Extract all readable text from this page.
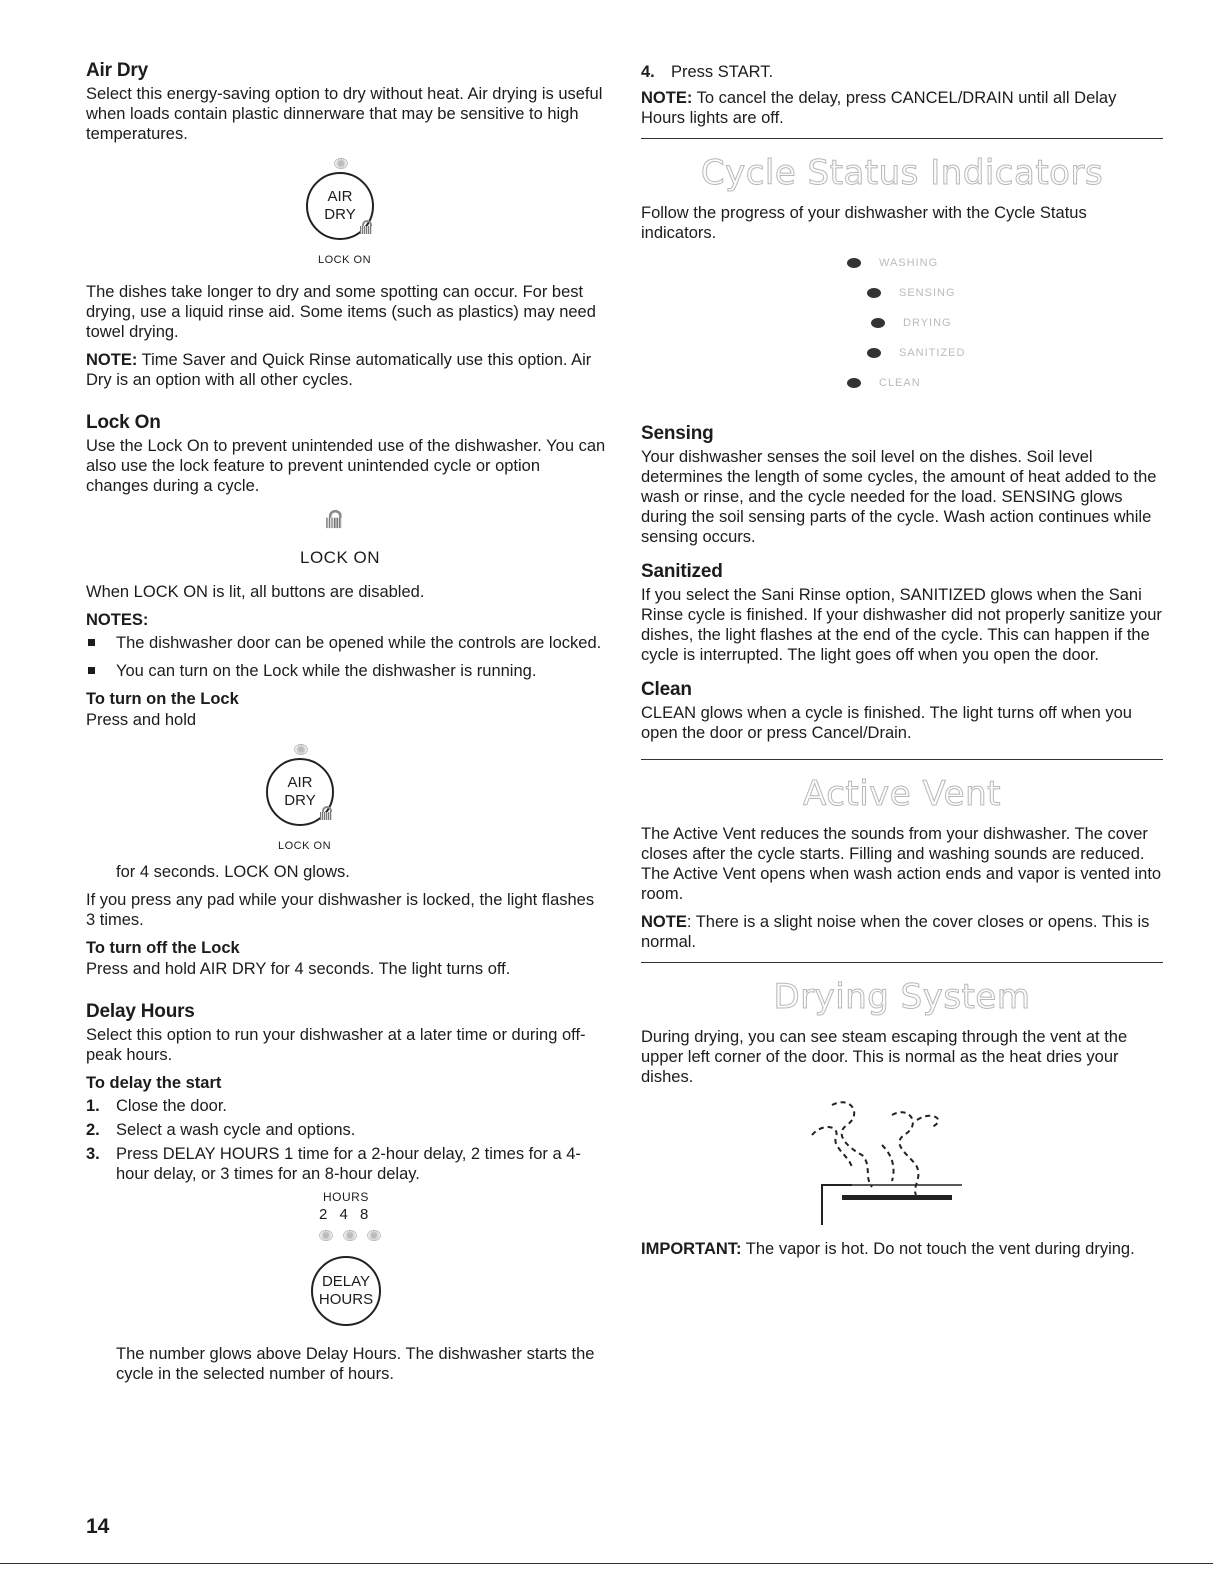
Air Dry

Select this energy-saving option to dry without heat. Air drying is useful when loads contain plastic dinnerware that may be sensitive to high temperatures.

AIR
DRY
LOCK ON

The dishes take longer to dry and some spotting can occur. For best drying, use a liquid rinse aid. Some items (such as plastics) may need towel drying.

NOTE: Time Saver and Quick Rinse automatically use this option. Air Dry is an option with all other cycles.

Lock On

Use the Lock On to prevent unintended use of the dishwasher. You can also use the lock feature to prevent unintended cycle or option changes during a cycle.

LOCK ON

When LOCK ON is lit, all buttons are disabled.

NOTES:
The dishwasher door can be opened while the controls are locked.
You can turn on the Lock while the dishwasher is running.
To turn on the Lock

Press and hold

AIR
DRY
LOCK ON

for 4 seconds. LOCK ON glows.

If you press any pad while your dishwasher is locked, the light flashes 3 times.

To turn off the Lock

Press and hold AIR DRY for 4 seconds. The light turns off.

Delay Hours

Select this option to run your dishwasher at a later time or during off-peak hours.

To delay the start
1. Close the door.
2. Select a wash cycle and options.
3. Press DELAY HOURS 1 time for a 2-hour delay, 2 times for a 4-hour delay, or 3 times for an 8-hour delay.
HOURS
2 4 8
DELAY
HOURS

The number glows above Delay Hours. The dishwasher starts the cycle in the selected number of hours.

4. Press START.

NOTE: To cancel the delay, press CANCEL/DRAIN until all Delay Hours lights are off.

Cycle Status Indicators

Follow the progress of your dishwasher with the Cycle Status indicators.

WASHING
SENSING
DRYING
SANITIZED
CLEAN
Sensing

Your dishwasher senses the soil level on the dishes. Soil level determines the length of some cycles, the amount of heat added to the wash or rinse, and the cycle needed for the load. SENSING glows during the soil sensing parts of the cycle. Wash action continues while sensing occurs.

Sanitized

If you select the Sani Rinse option, SANITIZED glows when the Sani Rinse cycle is finished. If your dishwasher did not properly sanitize your dishes, the light flashes at the end of the cycle. This can happen if the cycle is interrupted. The light goes off when you open the door.

Clean

CLEAN glows when a cycle is finished. The light turns off when you open the door or press Cancel/Drain.

Active Vent

The Active Vent reduces the sounds from your dishwasher. The cover closes after the cycle starts. Filling and washing sounds are reduced. The Active Vent opens when wash action ends and vapor is vented into room.

NOTE: There is a slight noise when the cover closes or opens. This is normal.

Drying System

During drying, you can see steam escaping through the vent at the upper left corner of the door. This is normal as the heat dries your dishes.

IMPORTANT: The vapor is hot. Do not touch the vent during drying.

14
